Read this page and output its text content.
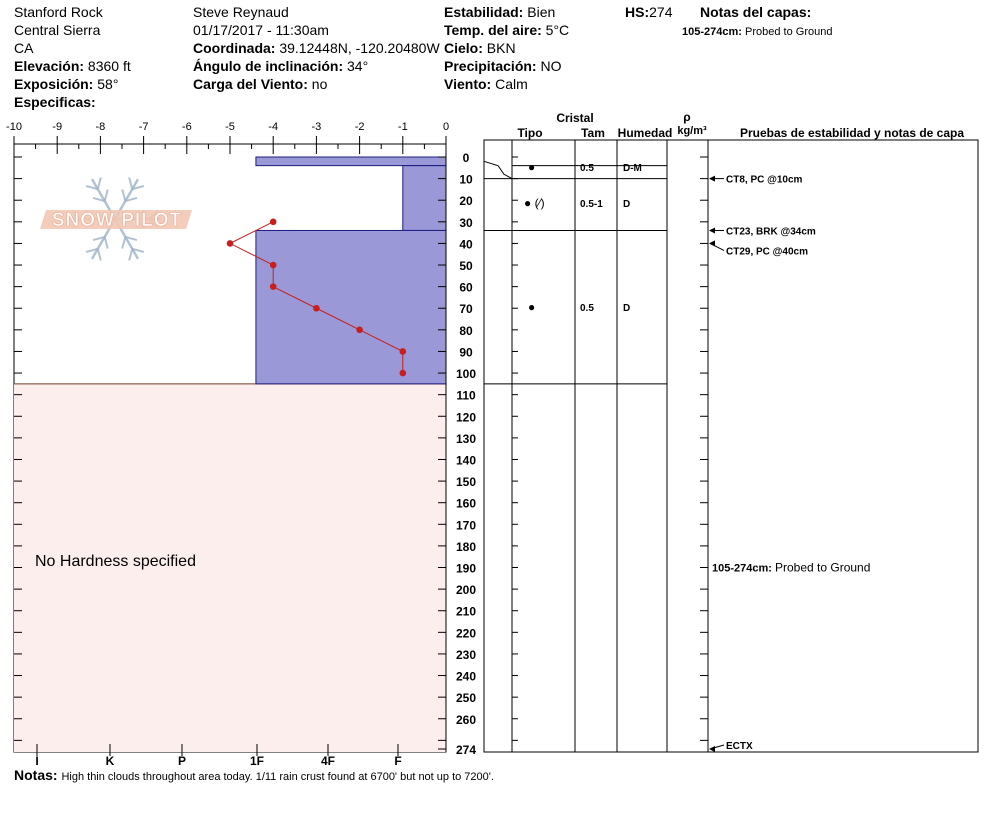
Stanford Rock
Central Sierra
CA
Elevación: 8360 ft
Exposición: 58°
Especificas:
Steve Reynaud
01/17/2017 - 11:30am
Coordinada: 39.12448N, -120.20480W
Ángulo de inclinación: 34°
Carga del Viento: no
Estabilidad: Bien
Temp. del aire: 5°C
Cielo: BKN
Precipitación: NO
Viento: Calm
HS:274 Notas del capas:
105-274cm: Probed to Ground
-10	-9	-8	-7	-6	-5	-4	-3	-2	-1	0
0
10
20
30
40
50
60
70
80
90
100
110
120
130
140
150
160
170
180
190
200
210
220
230
240
250
260
274
I	K	P	1F	4F	F
Cristal
Tipo	Tam Humedad
ρ
kg/m³	Pruebas de estabilidad y notas de capa
●	0.5	D-M
● (⁄)	0.5-1 D
●	0.5	D
CT8, PC @10cm
CT23, BRK @34cm
CT29, PC @40cm
ECTX
105-274cm: Probed to Ground
SNOW PILOT
No Hardness specified
Notas: High thin clouds throughout area today. 1/11 rain crust found at 6700' but not up to 7200'.
